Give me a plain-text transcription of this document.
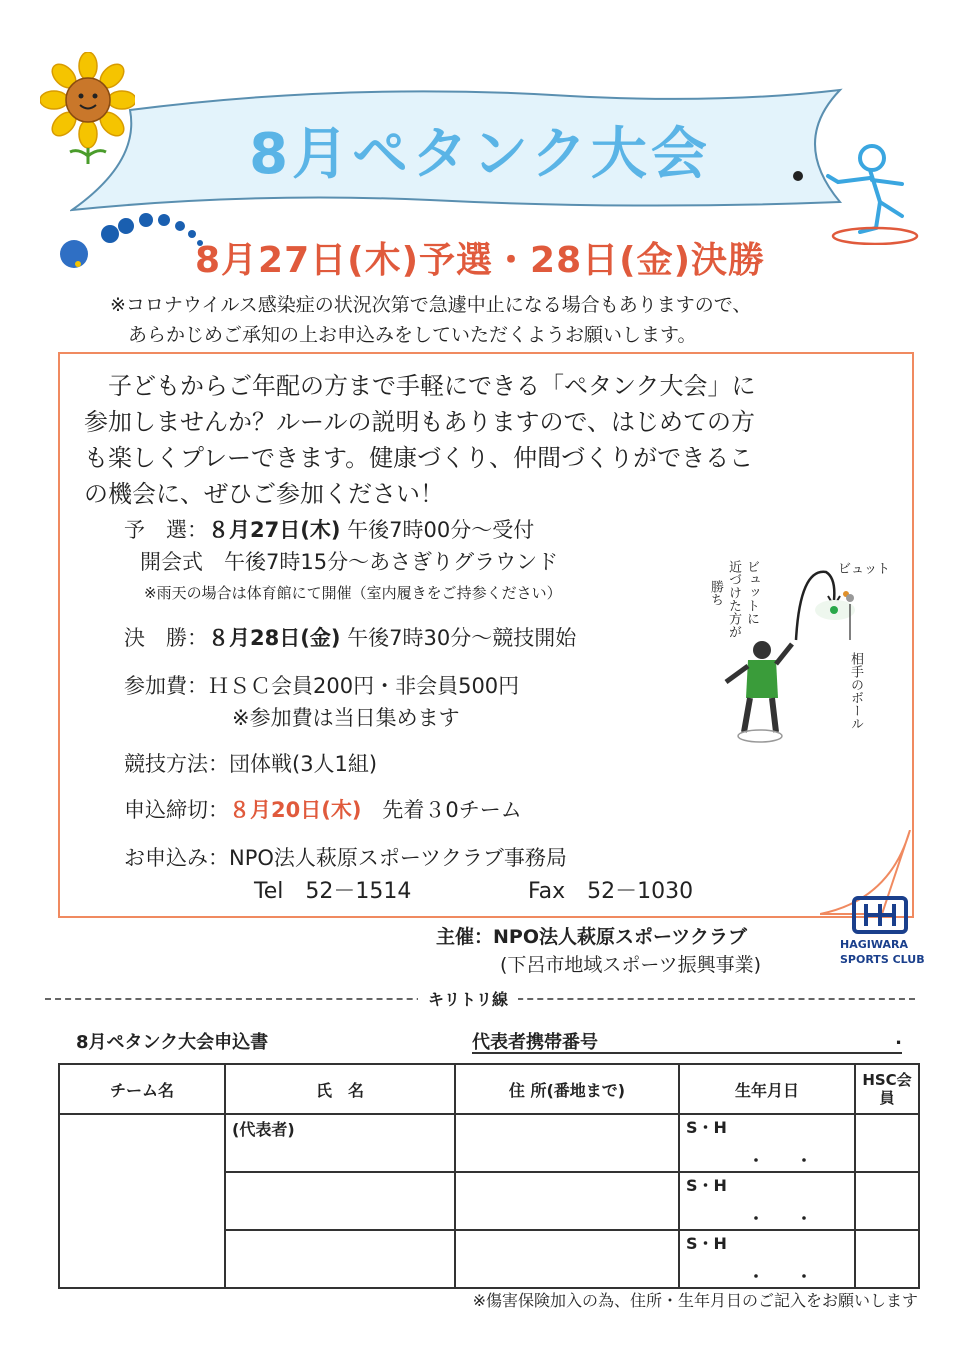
8月ペタンク大会
8月27日(木)予選・28日(金)決勝
※コロナウイルス感染症の状況次第で急遽中止になる場合もありますので、
あらかじめご承知の上お申込みをしていただくようお願いします。
　子どもからご年配の方まで手軽にできる「ペタンク大会」に
参加しませんか？ルールの説明もありますので、はじめての方
も楽しくプレーできます。健康づくり、仲間づくりができるこ
の機会に、ぜひご参加ください！
予　選：８月27日(木) 午後7時00分～受付
開会式　午後7時15分～あさぎりグラウンド
※雨天の場合は体育館にて開催（室内履きをご持参ください）
決　勝：８月28日(金) 午後7時30分～競技開始
参加費：ＨＳＣ会員200円・非会員500円
※参加費は当日集めます
競技方法：団体戦(3人1組)
申込締切：８月20日(木)　 先着３0チーム
お申込み：NPO法人萩原スポーツクラブ事務局
Tel　52－1514	Fax　52－1030
ビュット
ビュットに
近づけた方が
勝ち
相手のボール
主催：NPO法人萩原スポーツクラブ
(下呂市地域スポーツ振興事業)
HAGIWARA
SPORTS CLUB
キリトリ線
8月ペタンク大会申込書	代表者携帯番号	.
チーム名	氏　名	住 所(番地まで)	生年月日	HSC会員

	(代表者)		S・H
・　　・	

			S・H
・　　・	

			S・H
・　　・	

※傷害保険加入の為、住所・生年月日のご記入をお願いします
